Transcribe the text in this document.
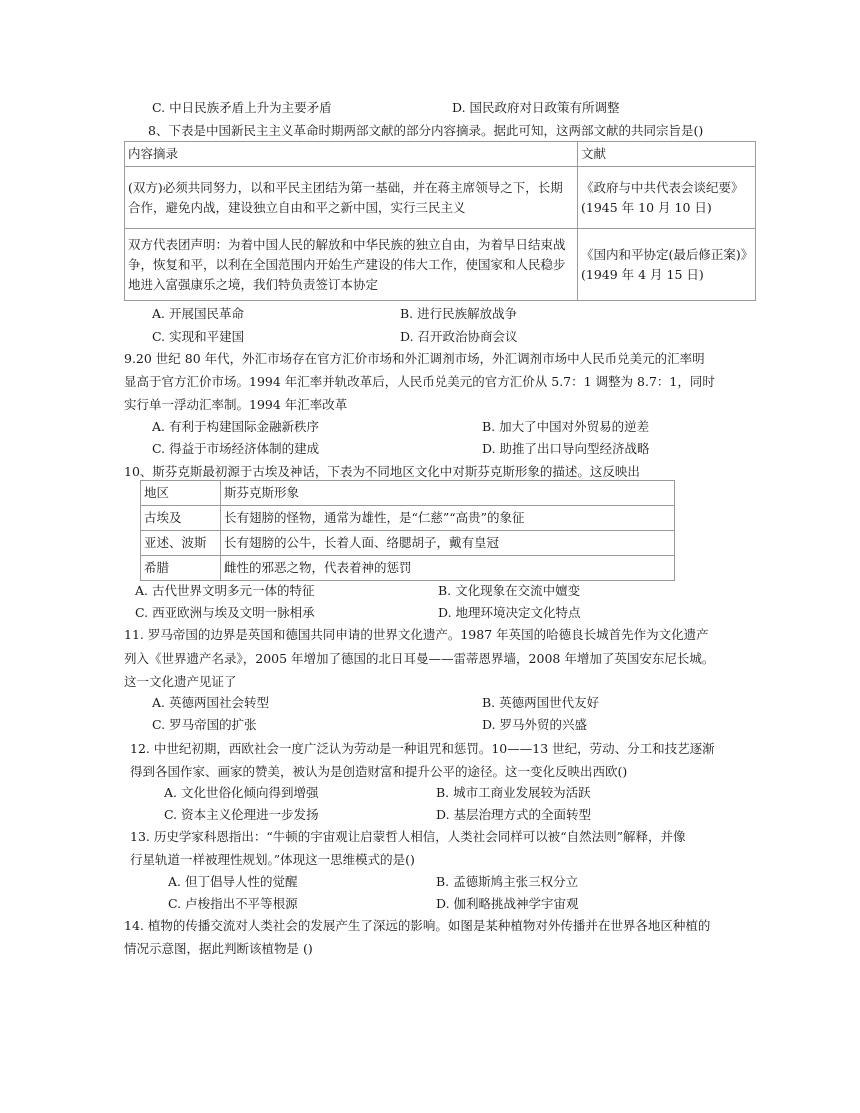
C. 中日民族矛盾上升为主要矛盾	D. 国民政府对日政策有所调整
8、下表是中国新民主主义革命时期两部文献的部分内容摘录。据此可知，这两部文献的共同宗旨是()
内容摘录	文献
(双方)必须共同努力，以和平民主团结为第一基础，并在蒋主席领导之下，长期合作，避免内战，建设独立自由和平之新中国，实行三民主义	《政府与中共代表会谈纪要》(1945 年 10 月 10 日)
双方代表团声明：为着中国人民的解放和中华民族的独立自由，为着早日结束战争，恢复和平，以利在全国范围内开始生产建设的伟大工作，使国家和人民稳步地进入富强康乐之境，我们特负责签订本协定	《国内和平协定(最后修正案)》(1949 年 4 月 15 日)
A. 开展国民革命	B. 进行民族解放战争
C. 实现和平建国	D. 召开政治协商会议
9.20 世纪 80 年代，外汇市场存在官方汇价市场和外汇调剂市场，外汇调剂市场中人民币兑美元的汇率明
显高于官方汇价市场。1994 年汇率并轨改革后，人民币兑美元的官方汇价从 5.7：1 调整为 8.7：1，同时
实行单一浮动汇率制。1994 年汇率改革
A. 有利于构建国际金融新秩序	B. 加大了中国对外贸易的逆差
C. 得益于市场经济体制的建成	D. 助推了出口导向型经济战略
10、斯芬克斯最初源于古埃及神话，下表为不同地区文化中对斯芬克斯形象的描述。这反映出
地区	斯芬克斯形象
古埃及	长有翅膀的怪物，通常为雄性，是“仁慈”“高贵”的象征
亚述、波斯	长有翅膀的公牛，长着人面、络腮胡子，戴有皇冠
希腊	雌性的邪恶之物，代表着神的惩罚
A. 古代世界文明多元一体的特征	B. 文化现象在交流中嬗变
C. 西亚欧洲与埃及文明一脉相承	D. 地理环境决定文化特点
11. 罗马帝国的边界是英国和德国共同申请的世界文化遗产。1987 年英国的哈德良长城首先作为文化遗产
列入《世界遗产名录》，2005 年增加了德国的北日耳曼——雷蒂恩界墙，2008 年增加了英国安东尼长城。
这一文化遗产见证了
A. 英德两国社会转型	B. 英德两国世代友好
C. 罗马帝国的扩张	D. 罗马外贸的兴盛
12. 中世纪初期，西欧社会一度广泛认为劳动是一种诅咒和惩罚。10——13 世纪，劳动、分工和技艺逐渐
得到各国作家、画家的赞美，被认为是创造财富和提升公平的途径。这一变化反映出西欧()
A. 文化世俗化倾向得到增强	B. 城市工商业发展较为活跃
C. 资本主义伦理进一步发扬	D. 基层治理方式的全面转型
13. 历史学家科恩指出：“牛顿的宇宙观让启蒙哲人相信，人类社会同样可以被“自然法则”解释，并像
行星轨道一样被理性规划。”体现这一思维模式的是()
A. 但丁倡导人性的觉醒	B. 孟德斯鸠主张三权分立
C. 卢梭指出不平等根源	D. 伽利略挑战神学宇宙观
14. 植物的传播交流对人类社会的发展产生了深远的影响。如图是某种植物对外传播并在世界各地区种植的
情况示意图，据此判断该植物是 ()
